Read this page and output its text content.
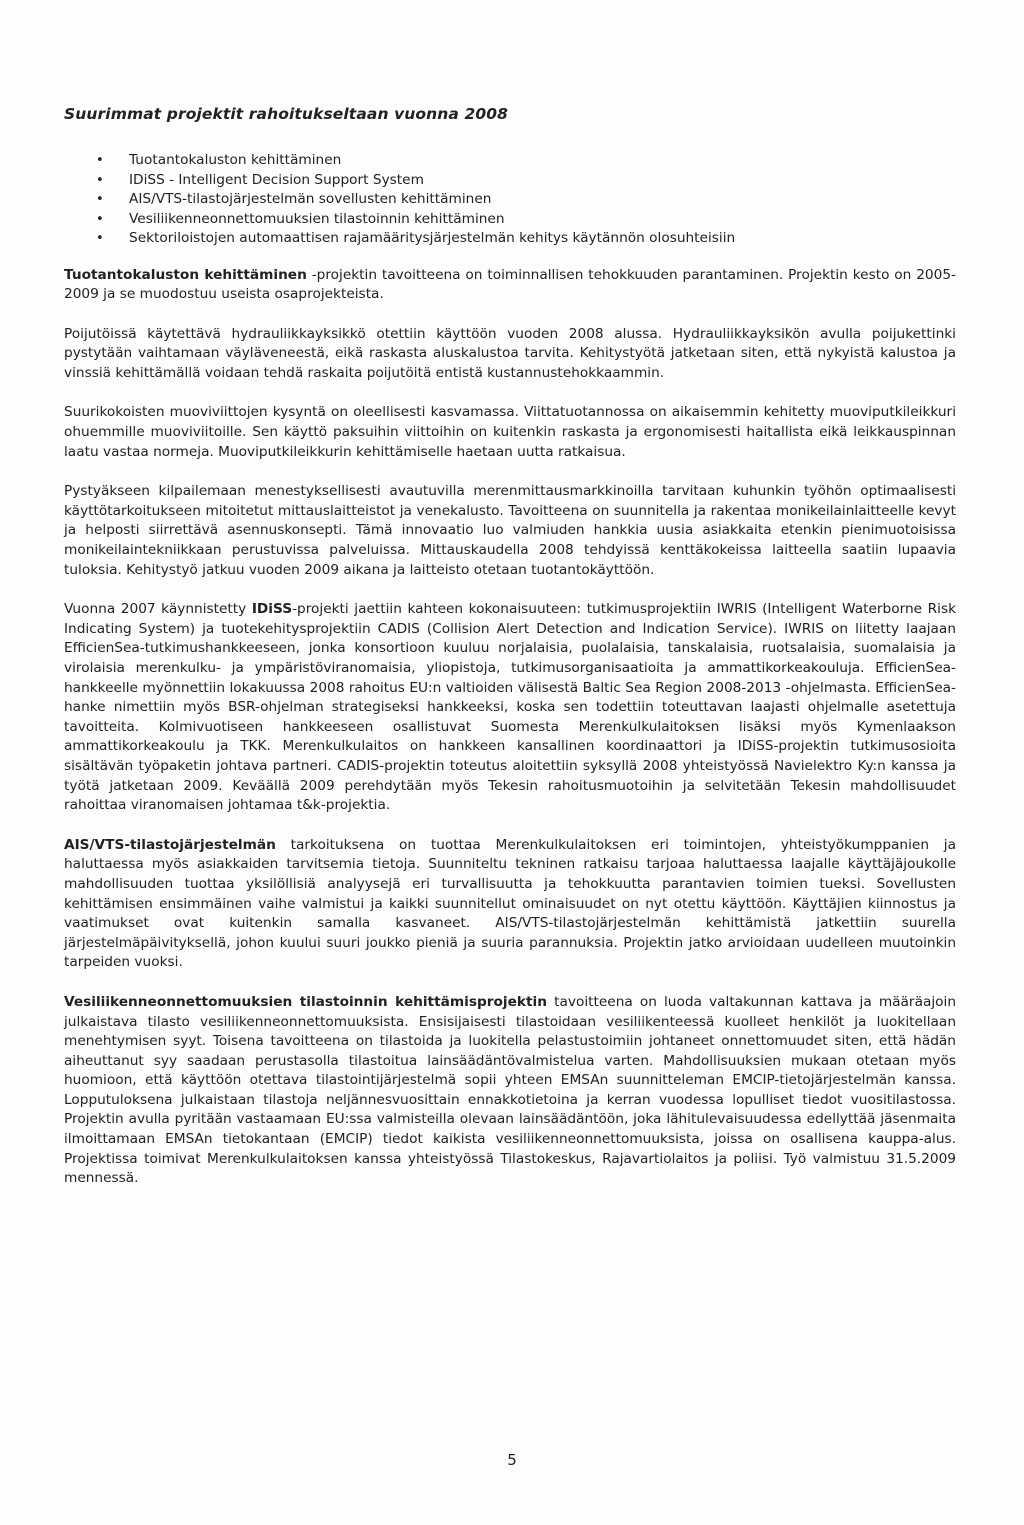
Suurimmat projektit rahoitukseltaan vuonna 2008
• Tuotantokaluston kehittäminen
• IDiSS - Intelligent Decision Support System
• AIS/VTS-tilastojärjestelmän sovellusten kehittäminen
• Vesiliikenneonnettomuuksien tilastoinnin kehittäminen
• Sektoriloistojen automaattisen rajamääritysjärjestelmän kehitys käytännön olosuhteisiin

Tuotantokaluston kehittäminen -projektin tavoitteena on toiminnallisen tehokkuuden parantaminen. Projektin kesto on 2005-2009 ja se muodostuu useista osaprojekteista.

Poijutöissä käytettävä hydrauliikkayksikkö otettiin käyttöön vuoden 2008 alussa. Hydrauliikkayksikön avulla poijukettinki pystytään vaihtamaan väyläveneestä, eikä raskasta aluskalustoa tarvita. Kehitystyötä jatketaan siten, että nykyistä kalustoa ja vinssiä kehittämällä voidaan tehdä raskaita poijutöitä entistä kustannustehokkaammin.

Suurikokoisten muoviviittojen kysyntä on oleellisesti kasvamassa. Viittatuotannossa on aikaisemmin kehitetty muoviputkileikkuri ohuemmille muoviviitoille. Sen käyttö paksuihin viittoihin on kuitenkin raskasta ja ergonomisesti haitallista eikä leikkauspinnan laatu vastaa normeja. Muoviputkileikkurin kehittämiselle haetaan uutta ratkaisua.

Pystyäkseen kilpailemaan menestyksellisesti avautuvilla merenmittausmarkkinoilla tarvitaan kuhunkin työhön optimaalisesti käyttötarkoitukseen mitoitetut mittauslaitteistot ja venekalusto. Tavoitteena on suunnitella ja rakentaa monikeilainlaitteelle kevyt ja helposti siirrettävä asennuskonsepti. Tämä innovaatio luo valmiuden hankkia uusia asiakkaita etenkin pienimuotoisissa monikeilaintekniikkaan perustuvissa palveluissa. Mittauskaudella 2008 tehdyissä kenttäkokeissa laitteella saatiin lupaavia tuloksia. Kehitystyö jatkuu vuoden 2009 aikana ja laitteisto otetaan tuotantokäyttöön.

Vuonna 2007 käynnistetty IDiSS-projekti jaettiin kahteen kokonaisuuteen: tutkimusprojektiin IWRIS (Intelligent Waterborne Risk Indicating System) ja tuotekehitysprojektiin CADIS (Collision Alert Detection and Indication Service). IWRIS on liitetty laajaan EfficienSea-tutkimushankkeeseen, jonka konsortioon kuuluu norjalaisia, puolalaisia, tanskalaisia, ruotsalaisia, suomalaisia ja virolaisia merenkulku- ja ympäristöviranomaisia, yliopistoja, tutkimusorganisaatioita ja ammattikorkeakouluja. EfficienSea-hankkeelle myönnettiin lokakuussa 2008 rahoitus EU:n valtioiden välisestä Baltic Sea Region 2008-2013 -ohjelmasta. EfficienSea-hanke nimettiin myös BSR-ohjelman strategiseksi hankkeeksi, koska sen todettiin toteuttavan laajasti ohjelmalle asetettuja tavoitteita. Kolmivuotiseen hankkeeseen osallistuvat Suomesta Merenkulkulaitoksen lisäksi myös Kymenlaakson ammattikorkeakoulu ja TKK. Merenkulkulaitos on hankkeen kansallinen koordinaattori ja IDiSS-projektin tutkimusosioita sisältävän työpaketin johtava partneri. CADIS-projektin toteutus aloitettiin syksyllä 2008 yhteistyössä Navielektro Ky:n kanssa ja työtä jatketaan 2009. Keväällä 2009 perehdytään myös Tekesin rahoitusmuotoihin ja selvitetään Tekesin mahdollisuudet rahoittaa viranomaisen johtamaa t&k-projektia.

AIS/VTS-tilastojärjestelmän tarkoituksena on tuottaa Merenkulkulaitoksen eri toimintojen, yhteistyökumppanien ja haluttaessa myös asiakkaiden tarvitsemia tietoja. Suunniteltu tekninen ratkaisu tarjoaa haluttaessa laajalle käyttäjäjoukolle mahdollisuuden tuottaa yksilöllisiä analyysejä eri turvallisuutta ja tehokkuutta parantavien toimien tueksi. Sovellusten kehittämisen ensimmäinen vaihe valmistui ja kaikki suunnitellut ominaisuudet on nyt otettu käyttöön. Käyttäjien kiinnostus ja vaatimukset ovat kuitenkin samalla kasvaneet. AIS/VTS-tilastojärjestelmän kehittämistä jatkettiin suurella järjestelmäpäivityksellä, johon kuului suuri joukko pieniä ja suuria parannuksia. Projektin jatko arvioidaan uudelleen muutoinkin tarpeiden vuoksi.

Vesiliikenneonnettomuuksien tilastoinnin kehittämisprojektin tavoitteena on luoda valtakunnan kattava ja määräajoin julkaistava tilasto vesiliikenneonnettomuuksista. Ensisijaisesti tilastoidaan vesiliikenteessä kuolleet henkilöt ja luokitellaan menehtymisen syyt. Toisena tavoitteena on tilastoida ja luokitella pelastustoimiin johtaneet onnettomuudet siten, että hädän aiheuttanut syy saadaan perustasolla tilastoitua lainsäädäntövalmistelua varten. Mahdollisuuksien mukaan otetaan myös huomioon, että käyttöön otettava tilastointijärjestelmä sopii yhteen EMSAn suunnitteleman EMCIP-tietojärjestelmän kanssa. Lopputuloksena julkaistaan tilastoja neljännesvuosittain ennakkotietoina ja kerran vuodessa lopulliset tiedot vuositilastossa. Projektin avulla pyritään vastaamaan EU:ssa valmisteilla olevaan lainsäädäntöön, joka lähitulevaisuudessa edellyttää jäsenmaita ilmoittamaan EMSAn tietokantaan (EMCIP) tiedot kaikista vesiliikenneonnettomuuksista, joissa on osallisena kauppa-alus. Projektissa toimivat Merenkulkulaitoksen kanssa yhteistyössä Tilastokeskus, Rajavartiolaitos ja poliisi. Työ valmistuu 31.5.2009 mennessä.

5
